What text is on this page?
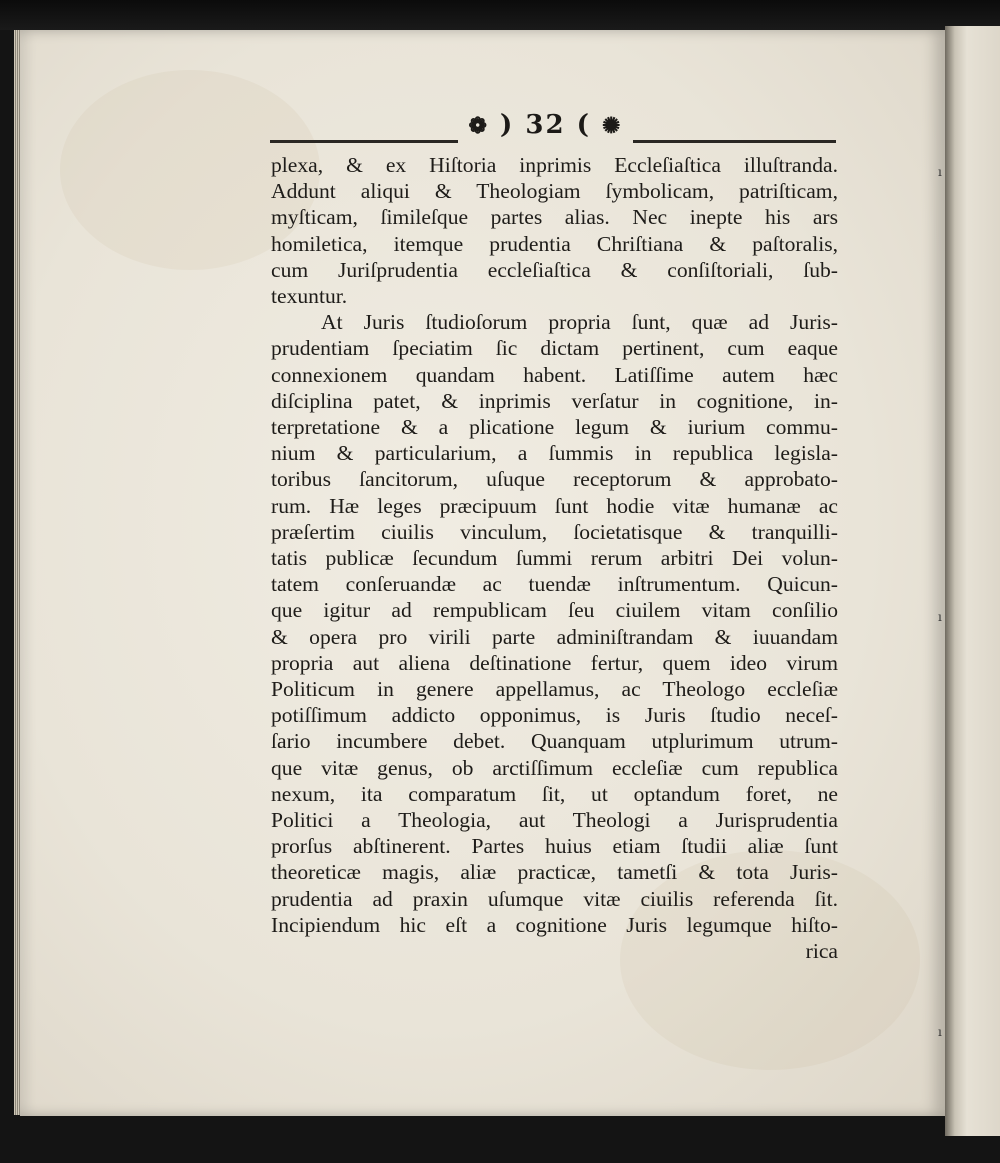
ı
ı
ı
❁ ) 32 ( ✺
plexa, & ex Hiſtoria inprimis Eccleſiaſtica illuſtranda.
Addunt aliqui & Theologiam ſymbolicam, patriſticam,
myſticam, ſimileſque partes alias. Nec inepte his ars
homiletica, itemque prudentia Chriſtiana & paſtoralis,
cum Juriſprudentia eccleſiaſtica & conſiſtoriali, ſub-
texuntur.
At Juris ſtudioſorum propria ſunt, quæ ad Juris-
prudentiam ſpeciatim ſic dictam pertinent, cum eaque
connexionem quandam habent. Latiſſime autem hæc
diſciplina patet, & inprimis verſatur in cognitione, in-
terpretatione & a plicatione legum & iurium commu-
nium & particularium, a ſummis in republica legisla-
toribus ſancitorum, uſuque receptorum & approbato-
rum. Hæ leges præcipuum ſunt hodie vitæ humanæ ac
præſertim ciuilis vinculum, ſocietatisque & tranquilli-
tatis publicæ ſecundum ſummi rerum arbitri Dei volun-
tatem conſeruandæ ac tuendæ inſtrumentum. Quicun-
que igitur ad rempublicam ſeu ciuilem vitam conſilio
& opera pro virili parte adminiſtrandam & iuuandam
propria aut aliena deſtinatione fertur, quem ideo virum
Politicum in genere appellamus, ac Theologo eccleſiæ
potiſſimum addicto opponimus, is Juris ſtudio neceſ-
ſario incumbere debet. Quanquam utplurimum utrum-
que vitæ genus, ob arctiſſimum eccleſiæ cum republica
nexum, ita comparatum ſit, ut optandum foret, ne
Politici a Theologia, aut Theologi a Jurisprudentia
prorſus abſtinerent. Partes huius etiam ſtudii aliæ ſunt
theoreticæ magis, aliæ practicæ, tametſi & tota Juris-
prudentia ad praxin uſumque vitæ ciuilis referenda ſit.
Incipiendum hic eſt a cognitione Juris legumque hiſto-
rica
